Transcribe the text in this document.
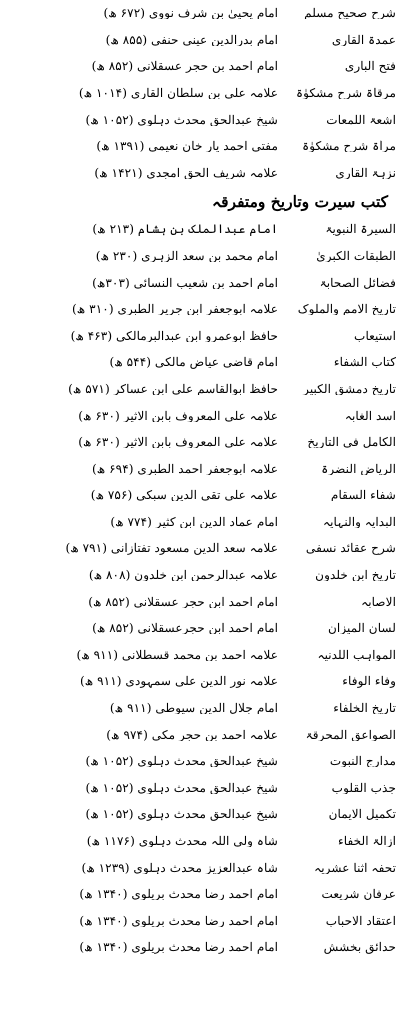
شرح صحیح مسلم
امام یحییٰ بن شرف نووی (۶۷۲ ھ)
عمدۃ القاری
امام بدرالدین عینی حنفی (۸۵۵ ھ)
فتح الباری
امام احمد بن حجر عسقلانی (۸۵۲ ھ)
مرقاۃ شرح مشکوٰۃ
علامہ علی بن سلطان القاری (۱۰۱۴ ھ)
اشعۃ اللمعات
شیخ عبدالحق محدث دہلوی (۱۰۵۲ ھ)
مرأۃ شرح مشکوٰۃ
مفتی احمد یار خان نعیمی (۱۳۹۱ ھ)
نزہۃ القاری
علامہ شریف الحق امجدی (۱۴۲۱ ھ)
کتب سیرت وتاریخ ومتفرقہ
السیرۃ النبویۃ
امام عبدالملک بن ہشام (۲۱۳ ھ)
الطبقات الکبریٰ
امام محمد بن سعد الزہری (۲۳۰ ھ)
فضائل الصحابۃ
امام احمد بن شعیب النسائی (۳۰۳ھ)
تاریخ الامم والملوک
علامہ ابوجعفر ابن جریر الطبری (۳۱۰ ھ)
استیعاب
حافظ ابوعمرو ابن عبدالبرمالکی (۴۶۳ ھ)
کتاب الشفاء
امام قاضی عیاض مالکی (۵۴۴ ھ)
تاریخ دمشق الکبیر
حافظ ابوالقاسم علی ابن عساکر (۵۷۱ ھ)
اسد الغابہ
علامہ علی المعروف بابن الاثیر (۶۳۰ ھ)
الکامل فی التاریخ
علامہ علی المعروف بابن الاثیر (۶۳۰ ھ)
الریاض النضرۃ
علامہ ابوجعفر احمد الطبری (۶۹۴ ھ)
شفاء السقام
علامہ علی تقی الدین سبکی (۷۵۶ ھ)
البدایہ والنہایہ
امام عماد الدین ابن کثیر (۷۷۴ ھ)
شرح عقائد نسفی
علامہ سعد الدین مسعود تفتازانی (۷۹۱ ھ)
تاریخ ابن خلدون
علامہ عبدالرحمن ابن خلدون (۸۰۸ ھ)
الاصابہ
امام احمد ابن حجر عسقلانی (۸۵۲ ھ)
لسان المیزان
امام احمد ابن حجرعسقلانی (۸۵۲ ھ)
المواہب اللدنیہ
علامہ احمد بن محمد قسطلانی (۹۱۱ ھ)
وفاء الوفاء
علامہ نور الدین علی سمہودی (۹۱۱ ھ)
تاریخ الخلفاء
امام جلال الدین سیوطی (۹۱۱ ھ)
الصواعق المحرقۃ
علامہ احمد بن حجر مکی (۹۷۴ ھ)
مدارج النبوت
شیخ عبدالحق محدث دہلوی (۱۰۵۲ ھ)
جذب القلوب
شیخ عبدالحق محدث دہلوی (۱۰۵۲ ھ)
تکمیل الایمان
شیخ عبدالحق محدث دہلوی (۱۰۵۲ ھ)
ازالۃ الخفاء
شاہ ولی اللہ محدث دہلوی (۱۱۷۶ ھ)
تحفہ اثنا عشریہ
شاہ عبدالعزیز محدث دہلوی (۱۲۳۹ ھ)
عرفان شریعت
امام احمد رضا محدث بریلوی (۱۳۴۰ ھ)
اعتقاد الاحباب
امام احمد رضا محدث بریلوی (۱۳۴۰ ھ)
حدائقِ بخشش
امام احمد رضا محدث بریلوی (۱۳۴۰ ھ)
